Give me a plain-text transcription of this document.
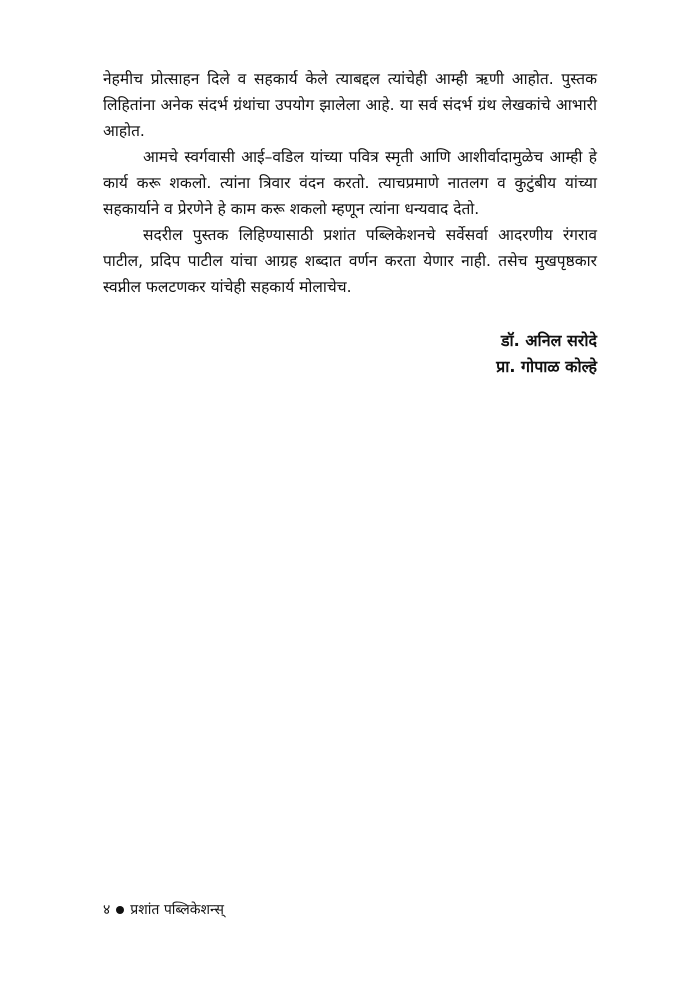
नेहमीच प्रोत्साहन दिले व सहकार्य केले त्याबद्दल त्यांचेही आम्ही ऋणी आहोत. पुस्तक लिहितांना अनेक संदर्भ ग्रंथांचा उपयोग झालेला आहे. या सर्व संदर्भ ग्रंथ लेखकांचे आभारी आहोत.

आमचे स्वर्गवासी आई–वडिल यांच्या पवित्र स्मृती आणि आशीर्वादामुळेच आम्ही हे कार्य करू शकलो. त्यांना त्रिवार वंदन करतो. त्याचप्रमाणे नातलग व कुटुंबीय यांच्या सहकार्याने व प्रेरणेने हे काम करू शकलो म्हणून त्यांना धन्यवाद देतो.

सदरील पुस्तक लिहिण्यासाठी प्रशांत पब्लिकेशनचे सर्वेसर्वा आदरणीय रंगराव पाटील, प्रदिप पाटील यांचा आग्रह शब्दात वर्णन करता येणार नाही. तसेच मुखपृष्ठकार स्वप्नील फलटणकर यांचेही सहकार्य मोलाचेच.

डॉ. अनिल सरोदे
प्रा. गोपाळ कोल्हे
४ प्रशांत पब्लिकेशन्स्
